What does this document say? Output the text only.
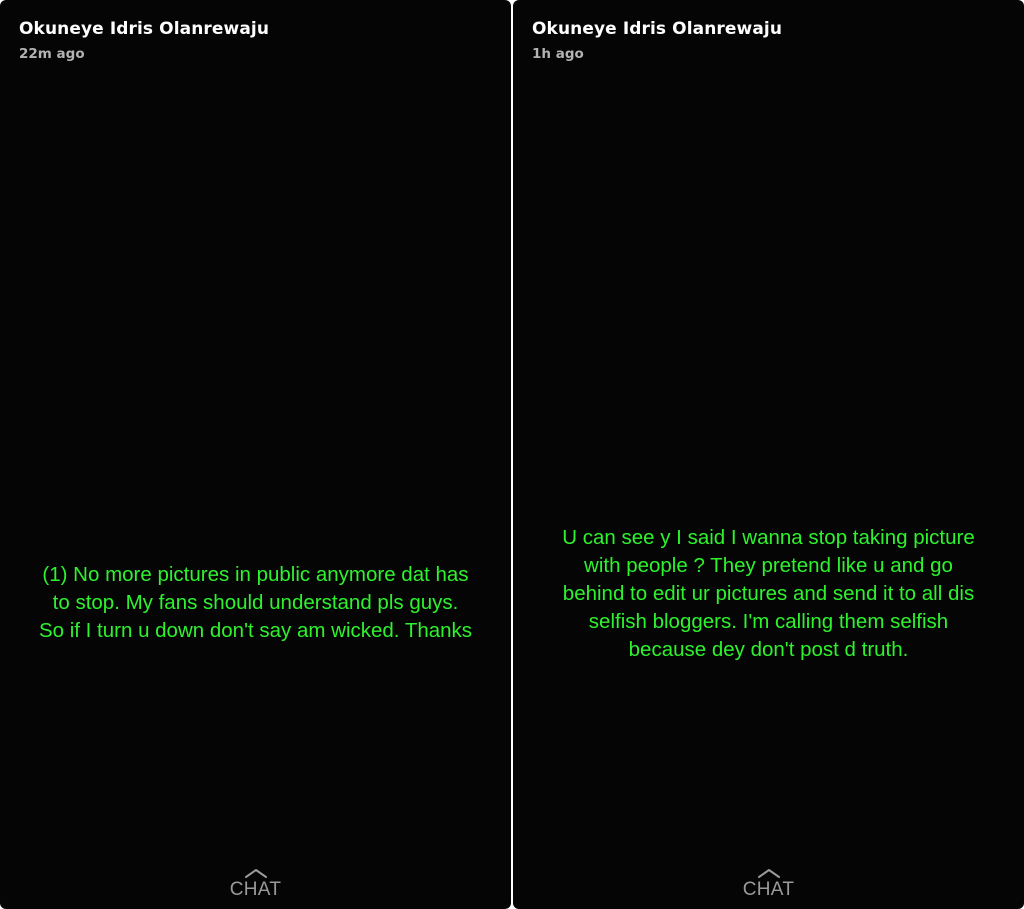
Okuneye Idris Olanrewaju
22m ago
(1) No more pictures in public anymore dat has
to stop. My fans should understand pls guys.
So if I turn u down don't say am wicked. Thanks
CHAT
Okuneye Idris Olanrewaju
1h ago
U can see y I said I wanna stop taking picture
with people ? They pretend like u and go
behind to edit ur pictures and send it to all dis
selfish bloggers. I'm calling them selfish
because dey don't post d truth.
CHAT
